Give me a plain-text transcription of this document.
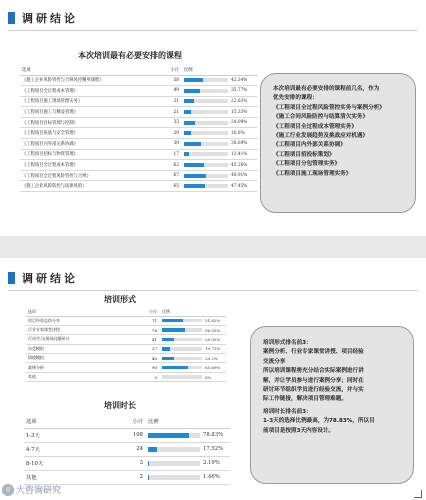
调研结论
本次培训最有必要安排的课程
选项	小计	比例
《施工企业风险管控与合规风控精英课程》	58	42.34%

《工程项目全过程成本管理》	49	35.77%

《工程项目施工现场管理实务》	31	22.63%

《工程项目施工与精益管理》	21	15.33%

《工程项目目标管理与控制》	33	24.09%

《工程项目质量与安全管理》	29	16.8%

《工程项目内外部关系协调》	39	38.69%

《工程项目招标与物资管理》	17	12.41%

《工程项目全过程成本管理》	62	45.26%

《工程项目全过程风险管控与合规》	67	48.91%

《施工企业风险防控与法律风险》	65	47.45%

本次培训最有必要安排的课程前几名，作为

优先安排的课程：

《工程项目全过程风险管控实务与案例分析》

《施工合同风险防控与结算清欠实务》

《工程项目全过程成本管理实务》

《施工行业发展趋势及挑战应对机遇》

《工程项目内外部关系协调》

《工程项目招投标策划》

《工程项目分包管理实务》

《工程项目施工现场管理实务》

调研结论
培训形式
选项	小计	比例
项目经验总结分享	71	51.82%

行业专家课堂讲授	78	56.93%

行动学习/现场问题研讨	41	29.93%

沙盘模拟	27	19.71%

情境模拟	40	29.2%

案例分析	90	65.69%

其他	0	0%
培训时长
选项	小计	比例
1-3天	108	78.83%

4-7天	24	17.52%

8-10天	3	2.19%

其他	2	1.46%

培训形式排名前3：

案例分析、行业专家课堂讲授、项目经验

交流分享

所以培训课程将充分结合实际案例进行讲

解，并让学员参与进行案例分享；同时在

研讨环节组织学员进行经验交流，并与实

际工作链接，解决项目管理难题。

培训时长排名前3：

1-3天的选择比例最高，为78.83%，所以目

前项目是按照3天内容设计。

◎ 大咨询研究
